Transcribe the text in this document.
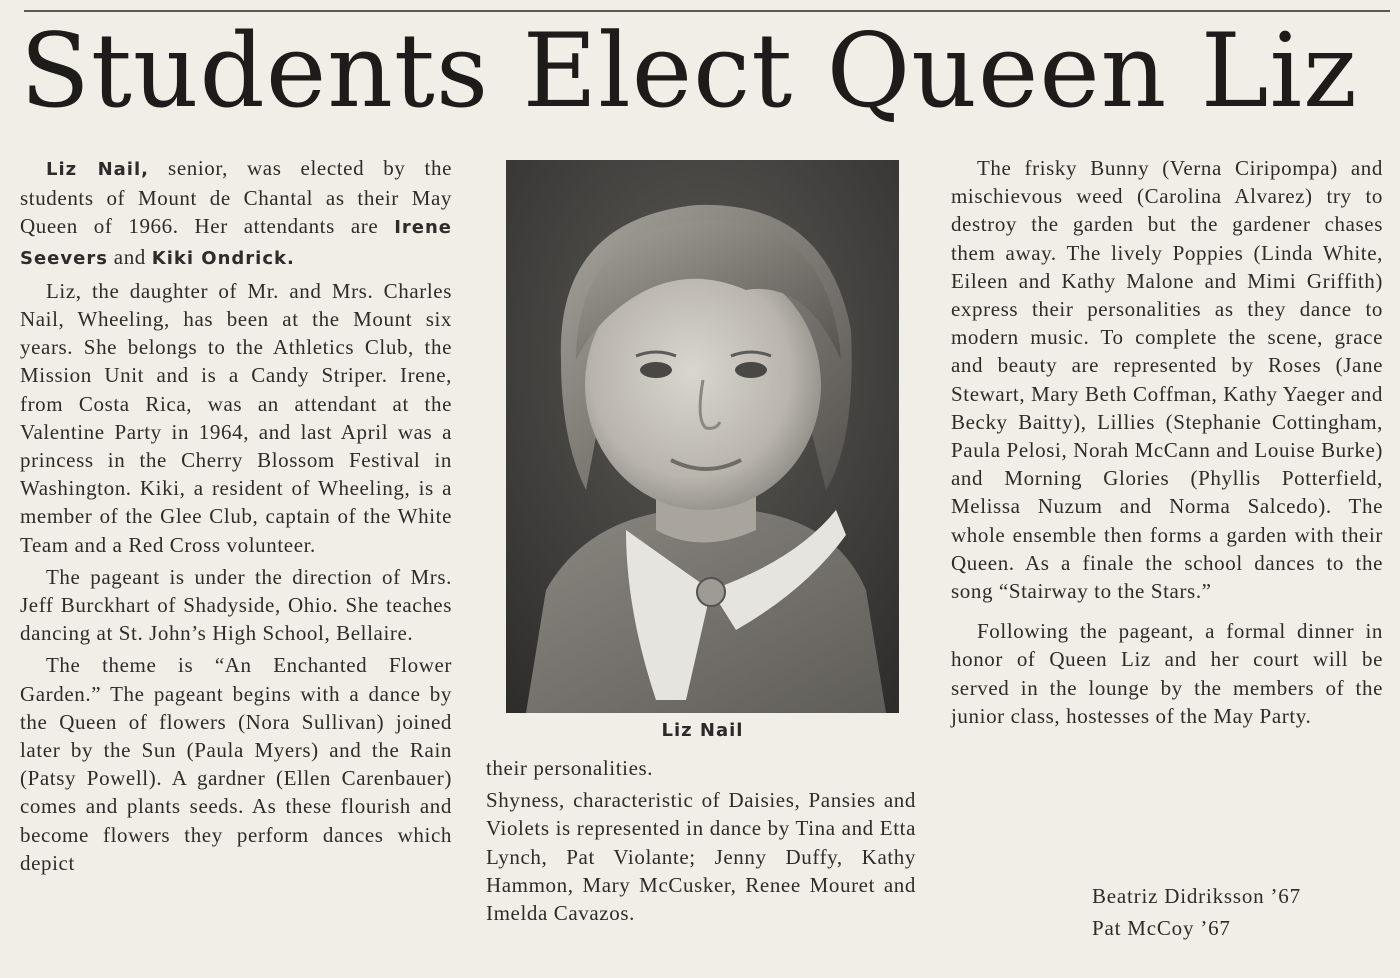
Students Elect Queen Liz

Liz Nail, senior, was elected by the students of Mount de Chantal as their May Queen of 1966. Her attendants are Irene Seevers and Kiki Ondrick.

Liz, the daughter of Mr. and Mrs. Charles Nail, Wheeling, has been at the Mount six years. She belongs to the Athletics Club, the Mission Unit and is a Candy Striper. Irene, from Costa Rica, was an attendant at the Valentine Party in 1964, and last April was a princess in the Cherry Blossom Festival in Washington. Kiki, a resident of Wheeling, is a member of the Glee Club, captain of the White Team and a Red Cross volunteer.

The pageant is under the direction of Mrs. Jeff Burckhart of Shadyside, Ohio. She teaches dancing at St. John’s High School, Bellaire.

The theme is “An Enchanted Flower Garden.” The pageant begins with a dance by the Queen of flowers (Nora Sullivan) joined later by the Sun (Paula Myers) and the Rain (Patsy Powell). A gardner (Ellen Carenbauer) comes and plants seeds. As these flourish and become flowers they perform dances which depict

Liz Nail

their personalities.

Shyness, characteristic of Daisies, Pansies and Violets is represented in dance by Tina and Etta Lynch, Pat Violante; Jenny Duffy, Kathy Hammon, Mary McCusker, Renee Mouret and Imelda Cavazos.

The frisky Bunny (Verna Ciripompa) and mischievous weed (Carolina Alvarez) try to destroy the garden but the gardener chases them away. The lively Poppies (Linda White, Eileen and Kathy Malone and Mimi Griffith) express their personalities as they dance to modern music. To complete the scene, grace and beauty are represented by Roses (Jane Stewart, Mary Beth Coffman, Kathy Yaeger and Becky Baitty), Lillies (Stephanie Cottingham, Paula Pelosi, Norah McCann and Louise Burke) and Morning Glories (Phyllis Potterfield, Melissa Nuzum and Norma Salcedo). The whole ensemble then forms a garden with their Queen. As a finale the school dances to the song “Stairway to the Stars.”

Following the pageant, a formal dinner in honor of Queen Liz and her court will be served in the lounge by the members of the junior class, hostesses of the May Party.

Beatriz Didriksson ’67
Pat McCoy ’67
